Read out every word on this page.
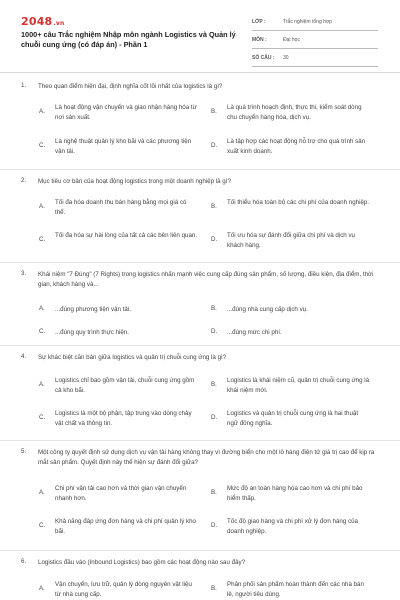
2048.vn
1000+ câu Trắc nghiệm Nhập môn ngành Logistics và Quản lý chuỗi cung ứng (có đáp án) - Phần 1
LỚP :	Trắc nghiệm tổng hợp
MÔN :	Đại học
SỐ CÂU : 30
1. Theo quan điểm hiện đại, định nghĩa cốt lõi nhất của logistics là gì?
A.
Là hoạt động vận chuyển và giao nhận hàng hóa từ nơi sản xuất.
B.
Là quá trình hoạch định, thực thi, kiểm soát dòng chu chuyển hàng hóa, dịch vụ.
C.
Là nghệ thuật quản lý kho bãi và các phương tiện vận tải.
D.
Là tập hợp các hoạt động hỗ trợ cho quá trình sản xuất kinh doanh.
2. Mục tiêu cơ bản của hoạt động logistics trong một doanh nghiệp là gì?
A.
Tối đa hóa doanh thu bán hàng bằng mọi giá có thể.
B.
Tối thiểu hóa toàn bộ các chi phí của doanh nghiệp.
C.
Tối đa hóa sự hài lòng của tất cả các bên liên quan.
D.
Tối ưu hóa sự đánh đổi giữa chi phí và dịch vụ khách hàng.
3. Khái niệm "7 Đúng" (7 Rights) trong logistics nhấn mạnh việc cung cấp đúng sản phẩm, số lượng, điều kiện, địa điểm, thời gian, khách hàng và...
A. ...đúng phương tiện vận tải.	B. ...đúng nhà cung cấp dịch vụ.
C. ...đúng quy trình thực hiện.	D. ...đúng mức chi phí.
4. Sự khác biệt căn bản giữa logistics và quản trị chuỗi cung ứng là gì?
A.
Logistics chỉ bao gồm vận tải, chuỗi cung ứng gồm cả kho bãi.
B.
Logistics là khái niệm cũ, quản trị chuỗi cung ứng là khái niệm mới.
C.
Logistics là một bộ phận, tập trung vào dòng chảy vật chất và thông tin.
D.
Logistics và quản trị chuỗi cung ứng là hai thuật ngữ đồng nghĩa.
5. Một công ty quyết định sử dụng dịch vụ vận tải hàng không thay vì đường biển cho một lô hàng điện tử giá trị cao để kịp ra mắt sản phẩm. Quyết định này thể hiện sự đánh đổi giữa?
A.
Chi phí vận tải cao hơn và thời gian vận chuyển nhanh hơn.
B.
Mức độ an toàn hàng hóa cao hơn và chi phí bảo hiểm thấp.
C.
Khả năng đáp ứng đơn hàng và chi phí quản lý kho bãi.
D.
Tốc độ giao hàng và chi phí xử lý đơn hàng của doanh nghiệp.
6. Logistics đầu vào (Inbound Logistics) bao gồm các hoạt động nào sau đây?
A.
Vận chuyển, lưu trữ, quản lý dòng nguyên vật liệu từ nhà cung cấp.
B.
Phân phối sản phẩm hoàn thành đến các nhà bán lẻ, người tiêu dùng.
